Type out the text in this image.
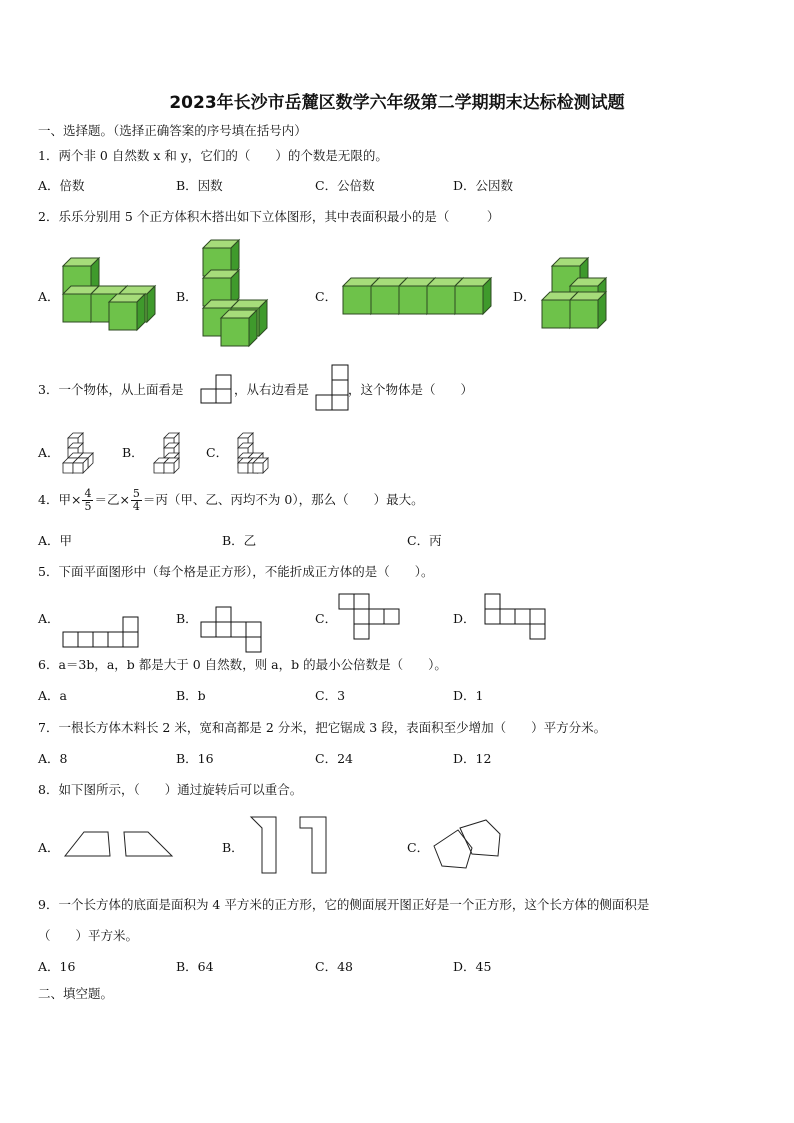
2023年长沙市岳麓区数学六年级第二学期期末达标检测试题
一、选择题。（选择正确答案的序号填在括号内）
1．两个非 0 自然数 x 和 y，它们的（　　）的个数是无限的。
A．倍数	B．因数	C．公倍数	D．公因数
2．乐乐分别用 5 个正方体积木搭出如下立体图形，其中表面积最小的是（　　　）
A．	B．	C．	D．
3．一个物体，从上面看是	，从右边看是	，这个物体是（　　）
A．	B．	C．
4．甲× $\frac{4}{5}$ ＝乙× $\frac{5}{4}$ ＝丙（甲、乙、丙均不为 0），那么（　　）最大。
A．甲	B．乙	C．丙
5．下面平面图形中（每个格是正方形），不能折成正方体的是（　　）。
A．	B．	C．	D．
6．a＝3b，a，b 都是大于 0 自然数，则 a，b 的最小公倍数是（　　）。
A．a	B．b	C．3	D．1
7．一根长方体木料长 2 米，宽和高都是 2 分米，把它锯成 3 段，表面积至少增加（　　）平方分米。
A．8	B．16	C．24	D．12
8．如下图所示，（　　）通过旋转后可以重合。
A．	B．	C．
9．一个长方体的底面是面积为 4 平方米的正方形，它的侧面展开图正好是一个正方形，这个长方体的侧面积是
（　　）平方米。
A．16	B．64	C．48	D．45
二、填空题。
